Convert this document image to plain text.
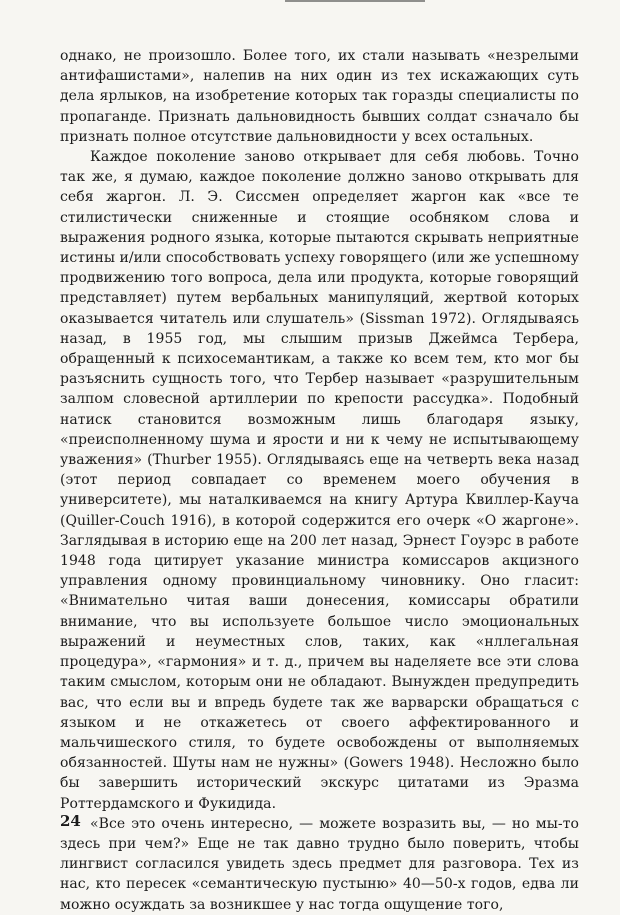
однако, не произошло. Более того, их стали называть «незрелыми антифашистами», налепив на них один из тех искажающих суть дела ярлыков, на изобретение которых так горазды специалисты по пропаганде. Признать дальновидность бывших солдат сзначало бы признать полное отсутствие дальновидности у всех остальных.

Каждое поколение заново открывает для себя любовь. Точно так же, я думаю, каждое поколение должно заново открывать для себя жаргон. Л. Э. Сиссмен определяет жаргон как «все те стилистически сниженные и стоящие особняком слова и выражения родного языка, которые пытаются скрывать неприятные истины и/или способствовать успеху говорящего (или же успешному продвижению того вопроса, дела или продукта, которые говорящий представляет) путем вербальных манипуляций, жертвой которых оказывается читатель или слушатель» (Sissman 1972). Оглядываясь назад, в 1955 год, мы слышим призыв Джеймса Тербера, обращенный к психосемантикам, а также ко всем тем, кто мог бы разъяснить сущность того, что Тербер называет «разрушительным залпом словесной артиллерии по крепости рассудка». Подобный натиск становится возможным лишь благодаря языку, «преисполненному шума и ярости и ни к чему не испытывающему уважения» (Thurber 1955). Оглядываясь еще на четверть века назад (этот период совпадает со временем моего обучения в университете), мы наталкиваемся на книгу Артура Квиллер-Кауча (Quiller-Couch 1916), в которой содержится его очерк «О жаргоне». Заглядывая в историю еще на 200 лет назад, Эрнест Гоуэрс в работе 1948 года цитирует указание министра комиссаров акцизного управления одному провинциальному чиновнику. Оно гласит: «Внимательно читая ваши донесения, комиссары обратили внимание, что вы используете большое число эмоциональных выражений и неуместных слов, таких, как «нллегальная процедура», «гармония» и т. д., причем вы наделяете все эти слова таким смыслом, которым они не обладают. Вынужден предупредить вас, что если вы и впредь будете так же варварски обращаться с языком и не откажетесь от своего аффектированного и мальчишеского стиля, то будете освобождены от выполняемых обязанностей. Шуты нам не нужны» (Gowers 1948). Несложно было бы завершить исторический экскурс цитатами из Эразма Роттердамского и Фукидида.

«Все это очень интересно, — можете возразить вы, — но мы-то здесь при чем?» Еще не так давно трудно было поверить, чтобы лингвист согласился увидеть здесь предмет для разговора. Тех из нас, кто пересек «семантическую пустыню» 40—50-х годов, едва ли можно осуждать за возникшее у нас тогда ощущение того,

24
